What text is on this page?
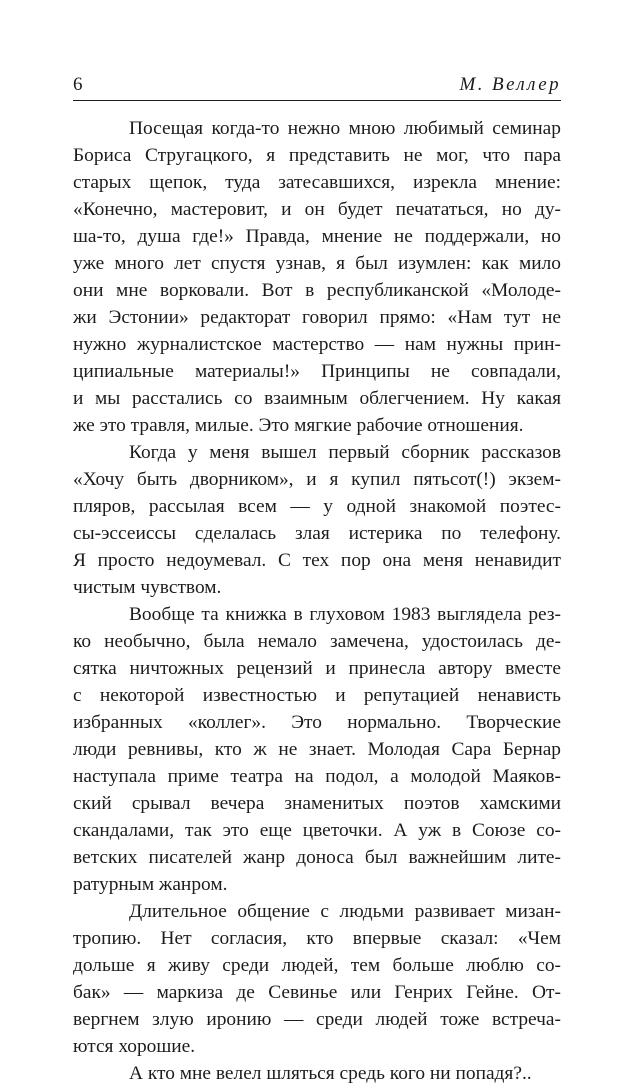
6	М. Веллер
Посещая когда-то нежно мною любимый семинар
Бориса Стругацкого, я представить не мог, что пара
старых щепок, туда затесавшихся, изрекла мнение:
«Конечно, мастеровит, и он будет печататься, но ду-
ша-то, душа где!» Правда, мнение не поддержали, но
уже много лет спустя узнав, я был изумлен: как мило
они мне ворковали. Вот в республиканской «Молоде-
жи Эстонии» редакторат говорил прямо: «Нам тут не
нужно журналистское мастерство — нам нужны прин-
ципиальные материалы!» Принципы не совпадали,
и мы расстались со взаимным облегчением. Ну какая
же это травля, милые. Это мягкие рабочие отношения.
Когда у меня вышел первый сборник рассказов
«Хочу быть дворником», и я купил пятьсот(!) экзем-
пляров, рассылая всем — у одной знакомой поэтес-
сы-эссеисcы сделалась злая истерика по телефону.
Я просто недоумевал. С тех пор она меня ненавидит
чистым чувством.
Вообще та книжка в глуховом 1983 выглядела рез-
ко необычно, была немало замечена, удостоилась де-
сятка ничтожных рецензий и принесла автору вместе
с некоторой известностью и репутацией ненависть
избранных «коллег». Это нормально. Творческие
люди ревнивы, кто ж не знает. Молодая Сара Бернар
наступала приме театра на подол, а молодой Маяков-
ский срывал вечера знаменитых поэтов хамскими
скандалами, так это еще цветочки. А уж в Союзе со-
ветских писателей жанр доноса был важнейшим лите-
ратурным жанром.
Длительное общение с людьми развивает мизан-
тропию. Нет согласия, кто впервые сказал: «Чем
дольше я живу среди людей, тем больше люблю со-
бак» — маркиза де Севинье или Генрих Гейне. От-
вергнем злую иронию — среди людей тоже встреча-
ются хорошие.
А кто мне велел шляться средь кого ни попадя?..
